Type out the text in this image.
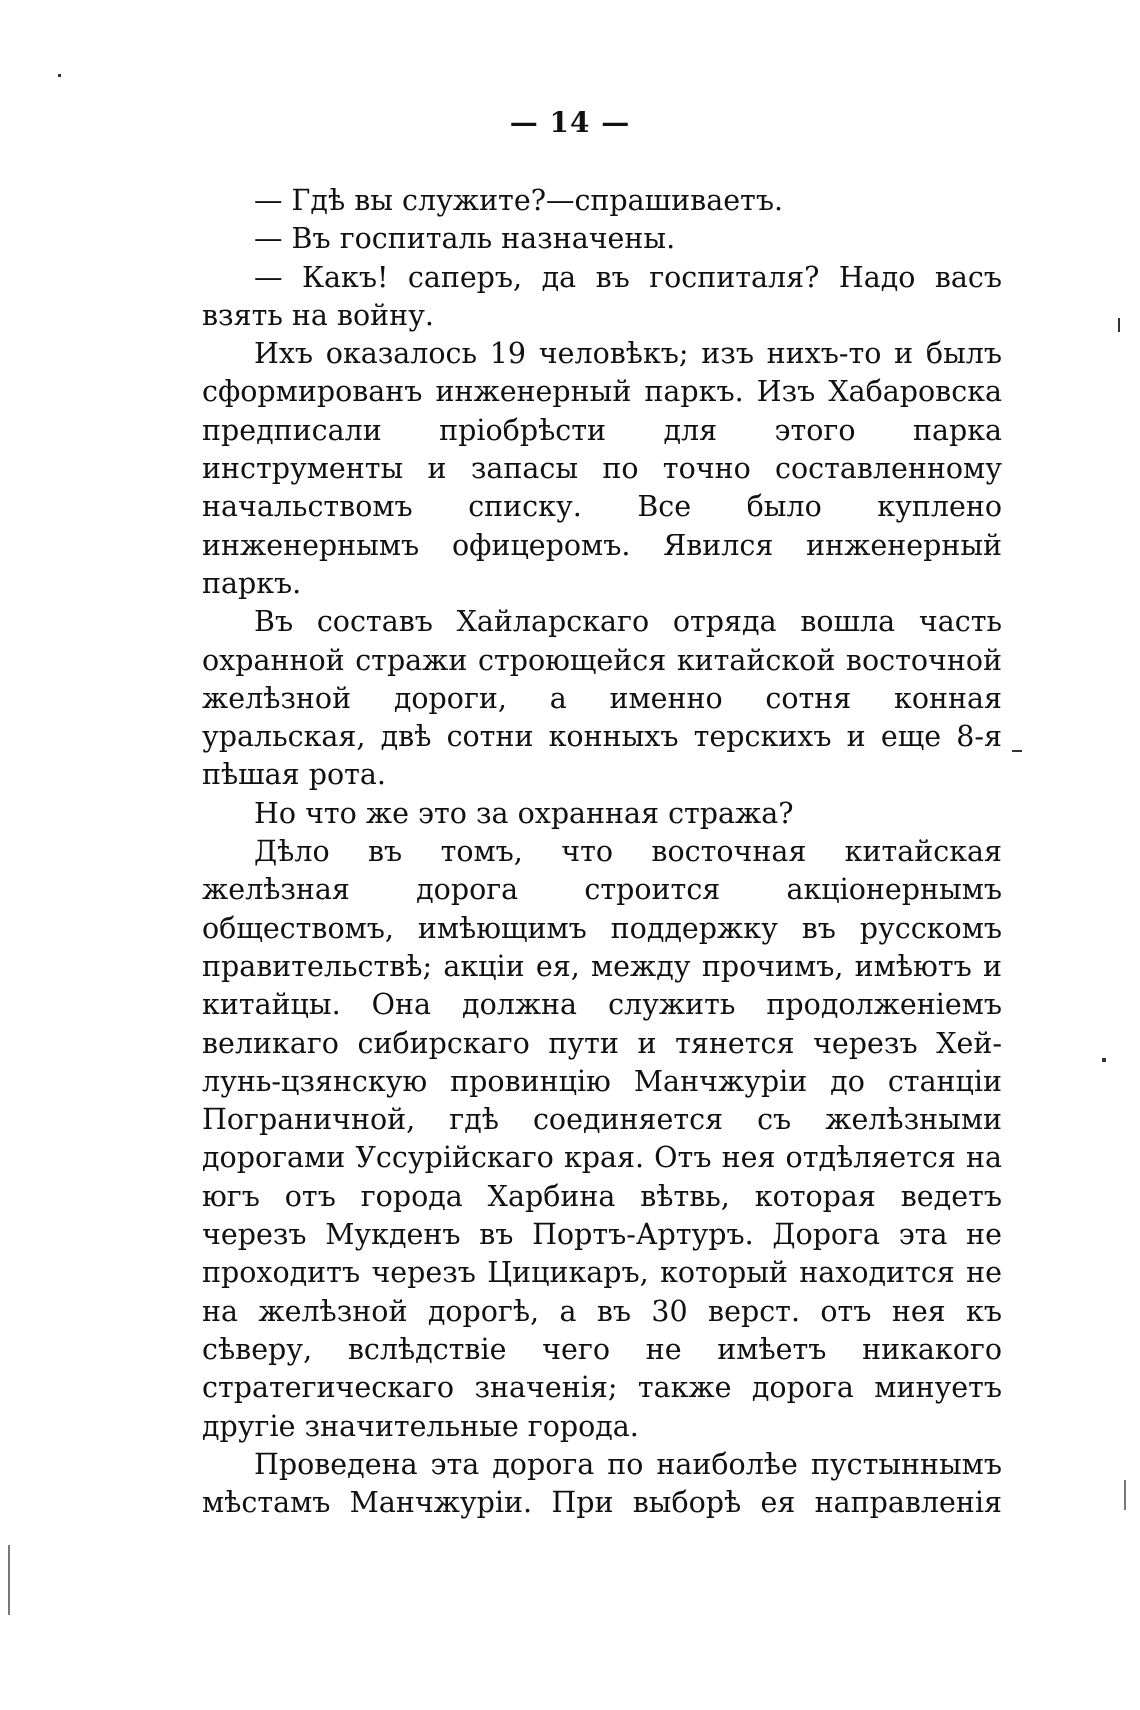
— 14 —

— Гдѣ вы служите?—спрашиваетъ.

— Въ госпиталь назначены.

— Какъ! саперъ, да въ госпиталя? Надо васъ взять на войну.

Ихъ оказалось 19 человѣкъ; изъ нихъ-то и былъ сформированъ инженерный паркъ. Изъ Хабаровска предписали пріобрѣсти для этого парка инструменты и запасы по точно составленному начальствомъ списку. Все было куплено инженернымъ офицеромъ. Явился инженерный паркъ.

Въ составъ Хайларскаго отряда вошла часть охранной стражи строющейся китайской восточной желѣзной дороги, а именно сотня конная уральская, двѣ сотни конныхъ терскихъ и еще 8-я пѣшая рота.

Но что же это за охранная стража?

Дѣло въ томъ, что восточная китайская желѣзная дорога строится акціонернымъ обществомъ, имѣющимъ поддержку въ русскомъ правительствѣ; акціи ея, между прочимъ, имѣютъ и китайцы. Она должна служить продолженіемъ великаго сибирскаго пути и тянется черезъ Хей-лунь-цзянскую провинцію Манчжуріи до станціи Пограничной, гдѣ соединяется съ желѣзными дорогами Уссурійскаго края. Отъ нея отдѣляется на югъ отъ города Харбина вѣтвь, которая ведетъ черезъ Мукденъ въ Портъ-Артуръ. Дорога эта не проходитъ черезъ Цицикаръ, который находится не на желѣзной дорогѣ, а въ 30 верст. отъ нея къ сѣверу, вслѣдствіе чего не имѣетъ никакого стратегическаго значенія; также дорога минуетъ другіе значительные города.

Проведена эта дорога по наиболѣе пустыннымъ мѣстамъ Манчжуріи. При выборѣ ея направленія
